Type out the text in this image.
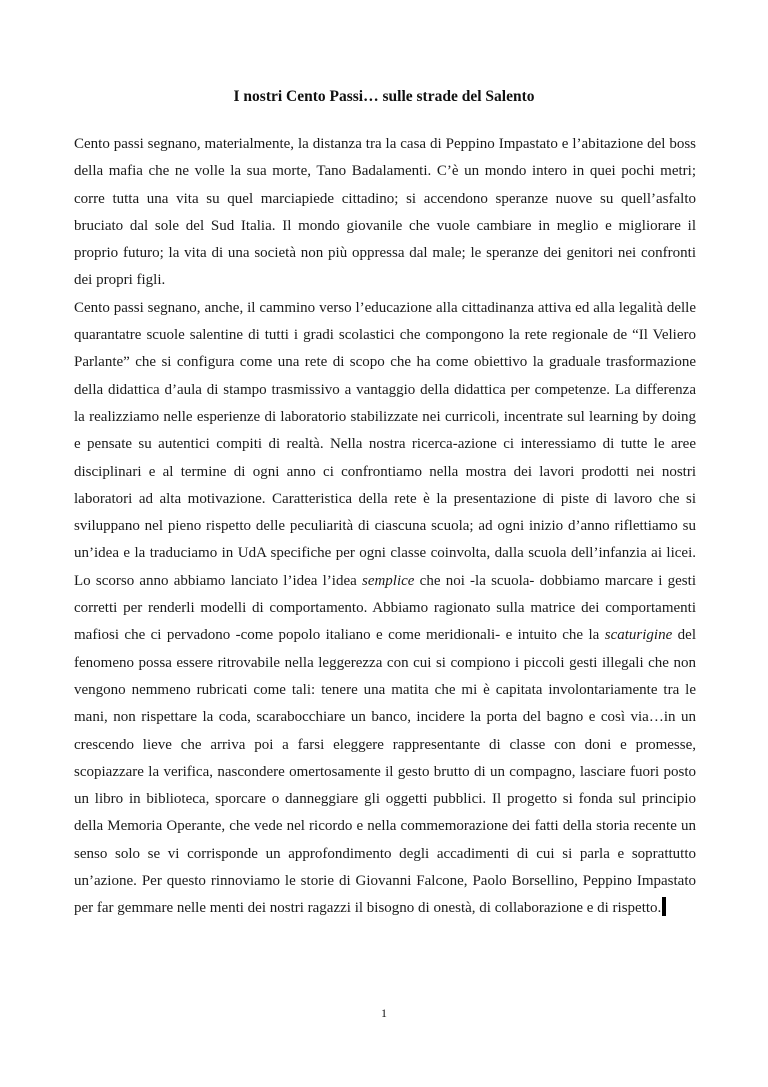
I nostri Cento Passi… sulle strade del Salento

Cento passi segnano, materialmente, la distanza tra la casa di Peppino Impastato e l’abitazione del boss della mafia che ne volle la sua morte, Tano Badalamenti. C’è un mondo intero in quei pochi metri; corre tutta una vita su quel marciapiede cittadino; si accendono speranze nuove su quell’asfalto bruciato dal sole del Sud Italia. Il mondo giovanile che vuole cambiare in meglio e migliorare il proprio futuro; la vita di una società non più oppressa dal male; le speranze dei genitori nei confronti dei propri figli.

Cento passi segnano, anche, il cammino verso l’educazione alla cittadinanza attiva ed alla legalità delle quarantatre scuole salentine di tutti i gradi scolastici che compongono la rete regionale de “Il Veliero Parlante” che si configura come una rete di scopo che ha come obiettivo la graduale trasformazione della didattica d’aula di stampo trasmissivo a vantaggio della didattica per competenze. La differenza la realizziamo nelle esperienze di laboratorio stabilizzate nei curricoli, incentrate sul learning by doing e pensate su autentici compiti di realtà. Nella nostra ricerca-azione ci interessiamo di tutte le aree disciplinari e al termine di ogni anno ci confrontiamo nella mostra dei lavori prodotti nei nostri laboratori ad alta motivazione. Caratteristica della rete è la presentazione di piste di lavoro che si sviluppano nel pieno rispetto delle peculiarità di ciascuna scuola; ad ogni inizio d’anno riflettiamo su un’idea e la traduciamo in UdA specifiche per ogni classe coinvolta, dalla scuola dell’infanzia ai licei. Lo scorso anno abbiamo lanciato l’idea l’idea semplice che noi -la scuola- dobbiamo marcare i gesti corretti per renderli modelli di comportamento. Abbiamo ragionato sulla matrice dei comportamenti mafiosi che ci pervadono -come popolo italiano e come meridionali- e intuito che la scaturigine del fenomeno possa essere ritrovabile nella leggerezza con cui si compiono i piccoli gesti illegali che non vengono nemmeno rubricati come tali: tenere una matita che mi è capitata involontariamente tra le mani, non rispettare la coda, scarabocchiare un banco, incidere la porta del bagno e così via…in un crescendo lieve che arriva poi a farsi eleggere rappresentante di classe con doni e promesse, scopiazzare la verifica, nascondere omertosamente il gesto brutto di un compagno, lasciare fuori posto un libro in biblioteca, sporcare o danneggiare gli oggetti pubblici. Il progetto si fonda sul principio della Memoria Operante, che vede nel ricordo e nella commemorazione dei fatti della storia recente un senso solo se vi corrisponde un approfondimento degli accadimenti di cui si parla e soprattutto un’azione. Per questo rinnoviamo le storie di Giovanni Falcone, Paolo Borsellino, Peppino Impastato per far gemmare nelle menti dei nostri ragazzi il bisogno di onestà, di collaborazione e di rispetto.

1
